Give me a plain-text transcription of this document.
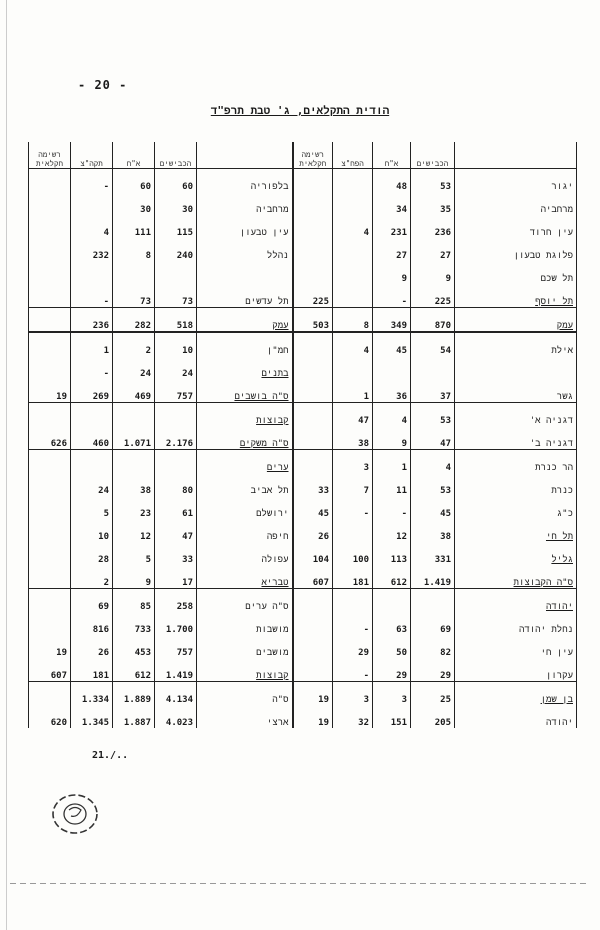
- 20 -
הודית התקלאים, ג' טבת תרפ"ד
רשימה חקלאית	תקה"צ	א"ח	הכבישים		רשימה חקלאית	הפח"צ	א"ח	הכבישים	
	-	60	60	בלפוריה			48	53	יגור
		30	30	מרחביה			34	35	מרחביה
	4	111	115	עין טבעון		4	231	236	עין חרוד
	232	8	240	נהלל			27	27	פלוגת טבעון
							9	9	תל שכם
	-	73	73	תל עדשים	225		-	225	תל יוסף
	236	282	518	עמק	503	8	349	870	עמק
	1	2	10	חמ"ן		4	45	54	אילת
	-	24	24	בתנים					
19	269	469	757	ס"ה בושבים		1	36	37	גשר
				קבוצות		47	4	53	דגניה א'
626	460	1.071	2.176	ס"ה משקים		38	9	47	דגניה ב'
				ערים		3	1	4	הר כנרת
	24	38	80	תל אביב	33	7	11	53	כנרת
	5	23	61	ירושלם	45	-	-	45	כ"ג
	10	12	47	חיפה	26		12	38	תל חי
	28	5	33	עפולה	104	100	113	331	גליל
	2	9	17	טבריא	607	181	612	1.419	ס"ה הקבוצות
	69	85	258	ס"ה ערים					יהודה
	816	733	1.700	מושבות		-	63	69	נחלת יהודה
19	26	453	757	מושבים		29	50	82	עין חי
607	181	612	1.419	קבוצות		-	29	29	עקרון
	1.334	1.889	4.134	ס"ה	19	3	3	25	בן שמן
620	1.345	1.887	4.023	ארצי	19	32	151	205	יהודה
21./..
